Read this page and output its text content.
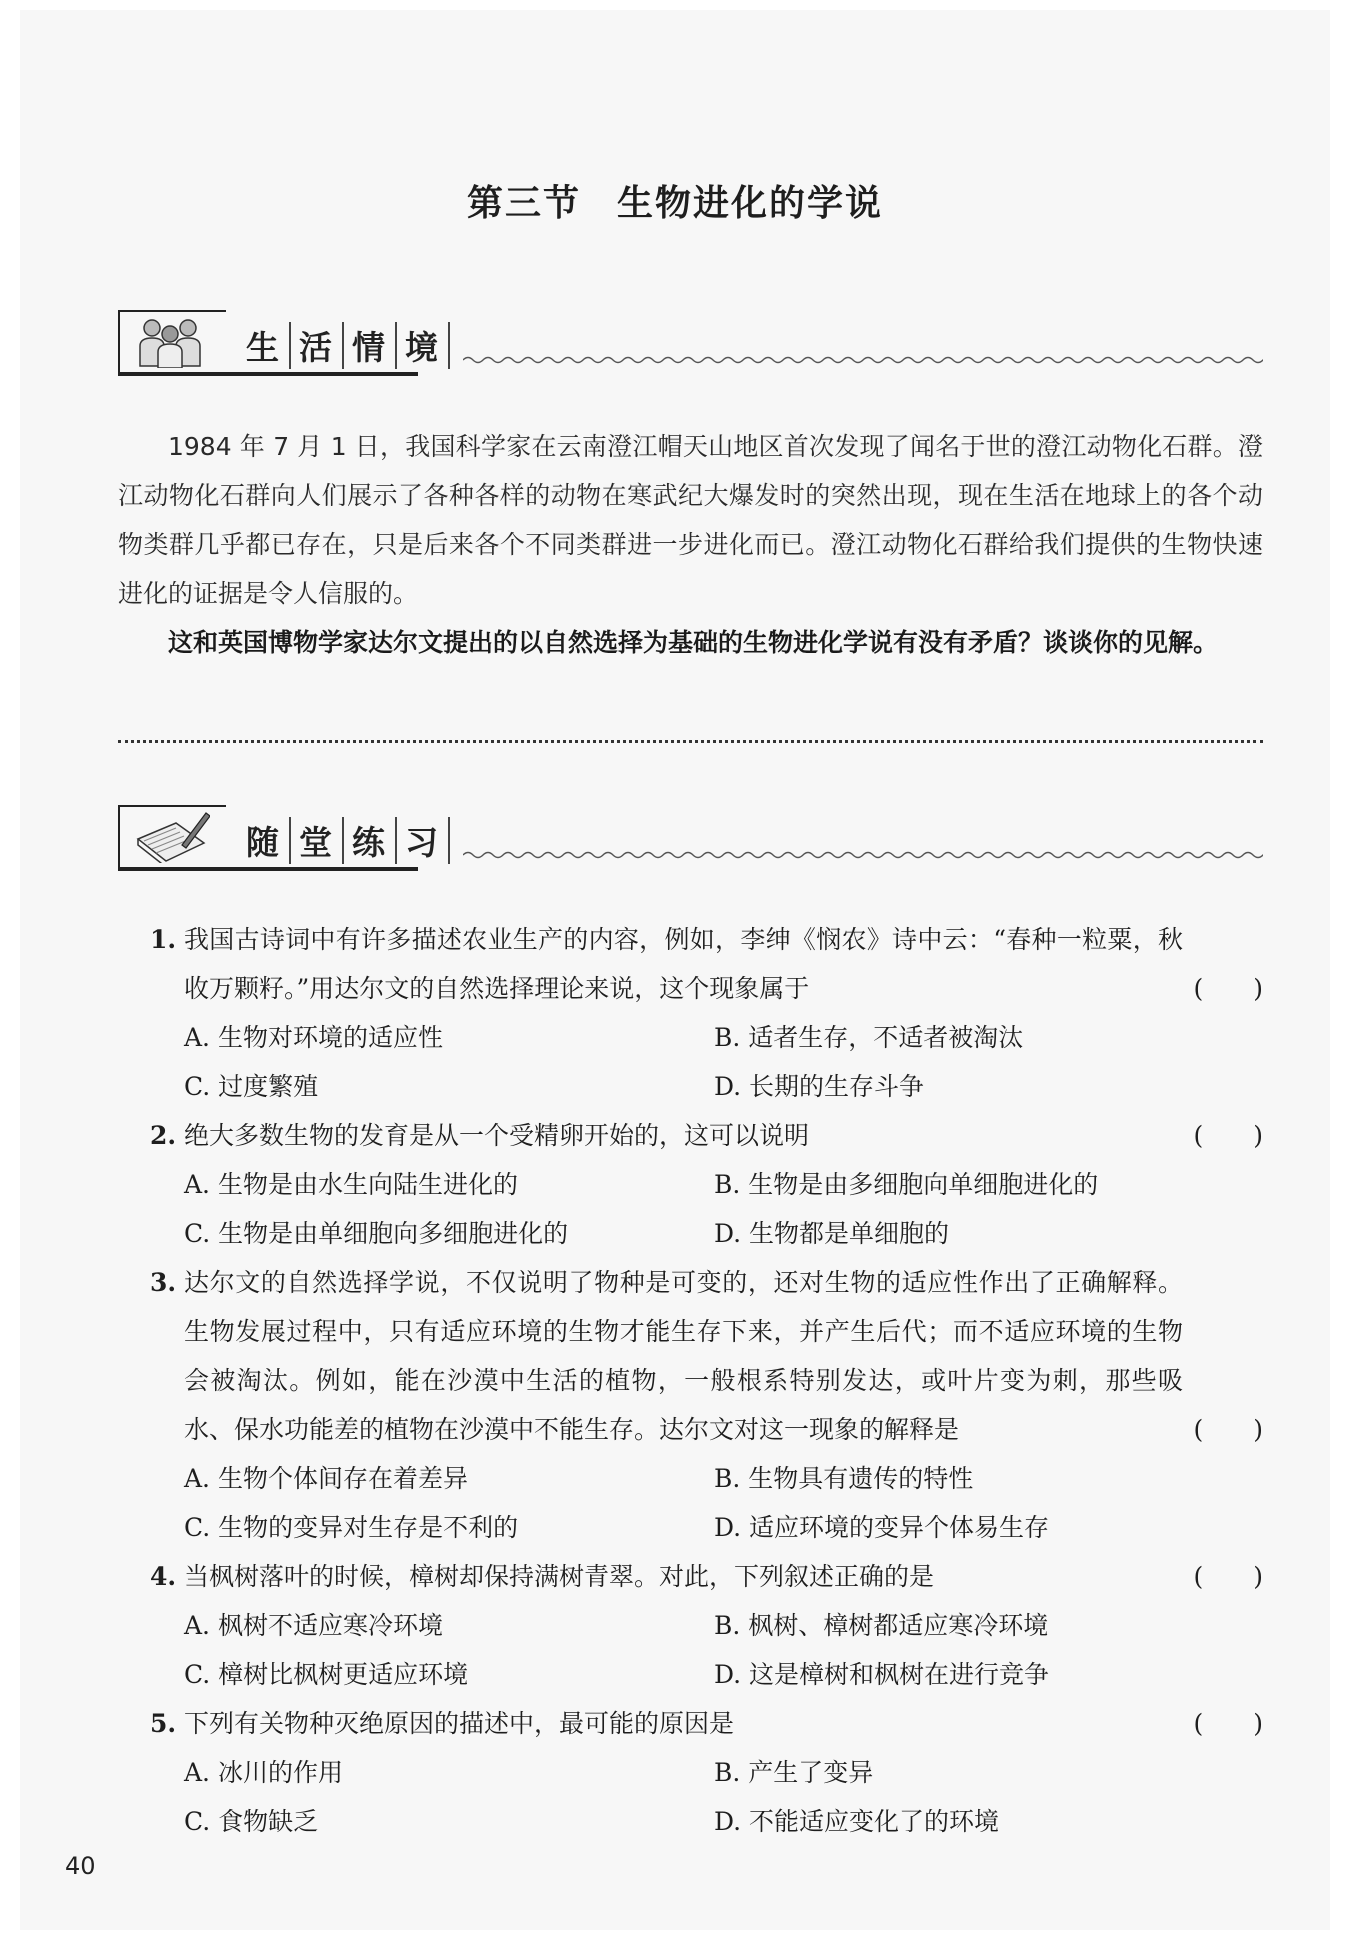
第三节 生物进化的学说
生 活 情 境

1984 年 7 月 1 日，我国科学家在云南澄江帽天山地区首次发现了闻名于世的澄江动物化石群。澄江动物化石群向人们展示了各种各样的动物在寒武纪大爆发时的突然出现，现在生活在地球上的各个动物类群几乎都已存在，只是后来各个不同类群进一步进化而已。澄江动物化石群给我们提供的生物快速进化的证据是令人信服的。

这和英国博物学家达尔文提出的以自然选择为基础的生物进化学说有没有矛盾？谈谈你的见解。

随 堂 练 习
1. 我国古诗词中有许多描述农业生产的内容，例如，李绅《悯农》诗中云：“春种一粒粟，秋收万颗籽。”用达尔文的自然选择理论来说，这个现象属于	(　　)
A. 生物对环境的适应性	B. 适者生存，不适者被淘汰
C. 过度繁殖	D. 长期的生存斗争
2. 绝大多数生物的发育是从一个受精卵开始的，这可以说明	(　　)
A. 生物是由水生向陆生进化的	B. 生物是由多细胞向单细胞进化的
C. 生物是由单细胞向多细胞进化的	D. 生物都是单细胞的
3. 达尔文的自然选择学说，不仅说明了物种是可变的，还对生物的适应性作出了正确解释。生物发展过程中，只有适应环境的生物才能生存下来，并产生后代；而不适应环境的生物会被淘汰。例如，能在沙漠中生活的植物，一般根系特别发达，或叶片变为刺，那些吸水、保水功能差的植物在沙漠中不能生存。达尔文对这一现象的解释是	(　　)
A. 生物个体间存在着差异	B. 生物具有遗传的特性
C. 生物的变异对生存是不利的	D. 适应环境的变异个体易生存
4. 当枫树落叶的时候，樟树却保持满树青翠。对此，下列叙述正确的是	(　　)
A. 枫树不适应寒冷环境	B. 枫树、樟树都适应寒冷环境
C. 樟树比枫树更适应环境	D. 这是樟树和枫树在进行竞争
5. 下列有关物种灭绝原因的描述中，最可能的原因是	(　　)
A. 冰川的作用	B. 产生了变异
C. 食物缺乏	D. 不能适应变化了的环境
40
